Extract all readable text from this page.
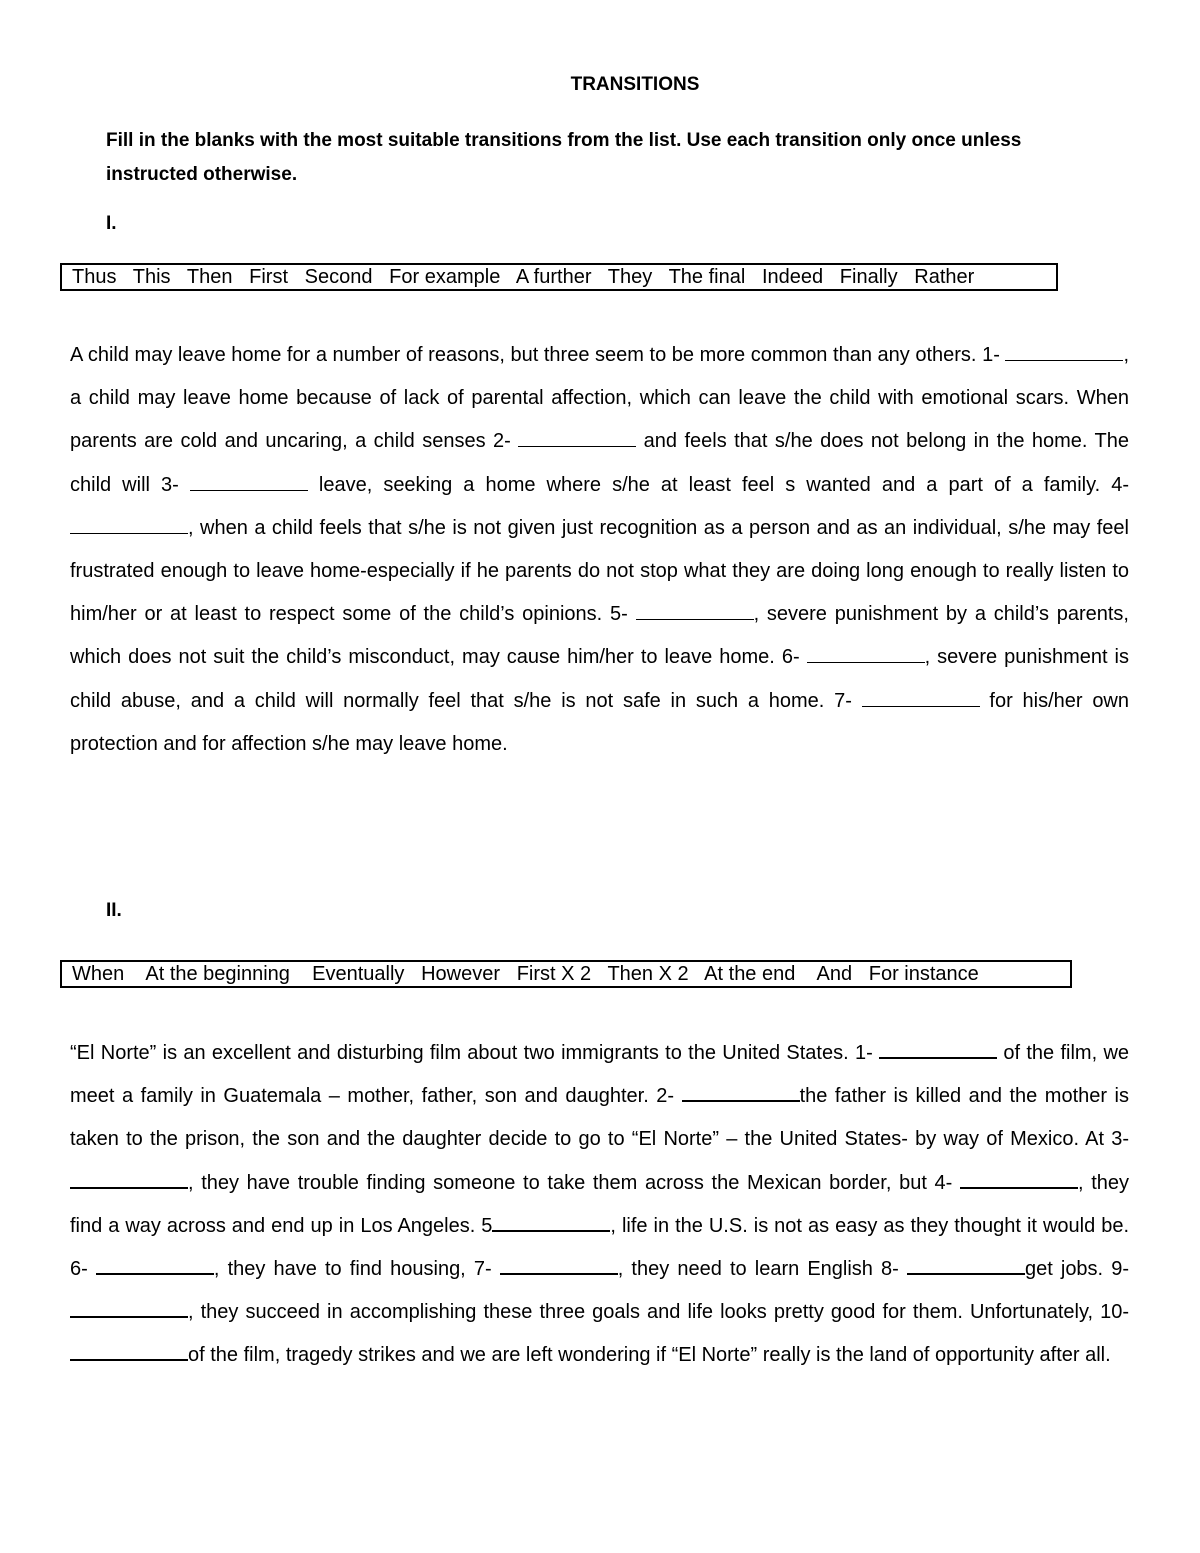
TRANSITIONS

Fill in the blanks with the most suitable transitions from the list. Use each transition only once unless instructed otherwise.

I.
Thus   This   Then   First   Second   For example   A further   They   The final   Indeed   Finally   Rather

A child may leave home for a number of reasons, but three seem to be more common than any others. 1-	, a child may leave home because of lack of parental affection, which can leave the child with emotional scars. When parents are cold and uncaring, a child senses 2-	and feels that s/he does not belong in the home. The child will 3-	leave, seeking a home where s/he at least feel s wanted and a part of a family. 4- , when a child feels that s/he is not given just recognition as a person and as an individual, s/he may feel frustrated enough to leave home-especially if he parents do not stop what they are doing long enough to really listen to him/her or at least to respect some of the child’s opinions. 5-	, severe punishment by a child’s parents, which does not suit the child’s misconduct, may cause him/her to leave home. 6-	, severe punishment is child abuse, and a child will normally feel that s/he is not safe in such a home. 7-	for his/her own protection and for affection s/he may leave home.

II.
When    At the beginning    Eventually   However   First X 2   Then X 2   At the end    And   For instance

“El Norte” is an excellent and disturbing film about two immigrants to the United States. 1-	of the film, we meet a family in Guatemala – mother, father, son and daughter. 2-	the father is killed and the mother is taken to the prison, the son and the daughter decide to go to “El Norte” – the United States- by way of Mexico. At 3- , they have trouble finding someone to take them across the Mexican border, but 4-	, they find a way across and end up in Los Angeles. 5	, life in the U.S. is not as easy as they thought it would be. 6-	, they have to find housing, 7-	, they need to learn English 8-	get jobs. 9- , they succeed in accomplishing these three goals and life looks pretty good for them. Unfortunately, 10- of the film, tragedy strikes and we are left wondering if “El Norte” really is the land of opportunity after all.
